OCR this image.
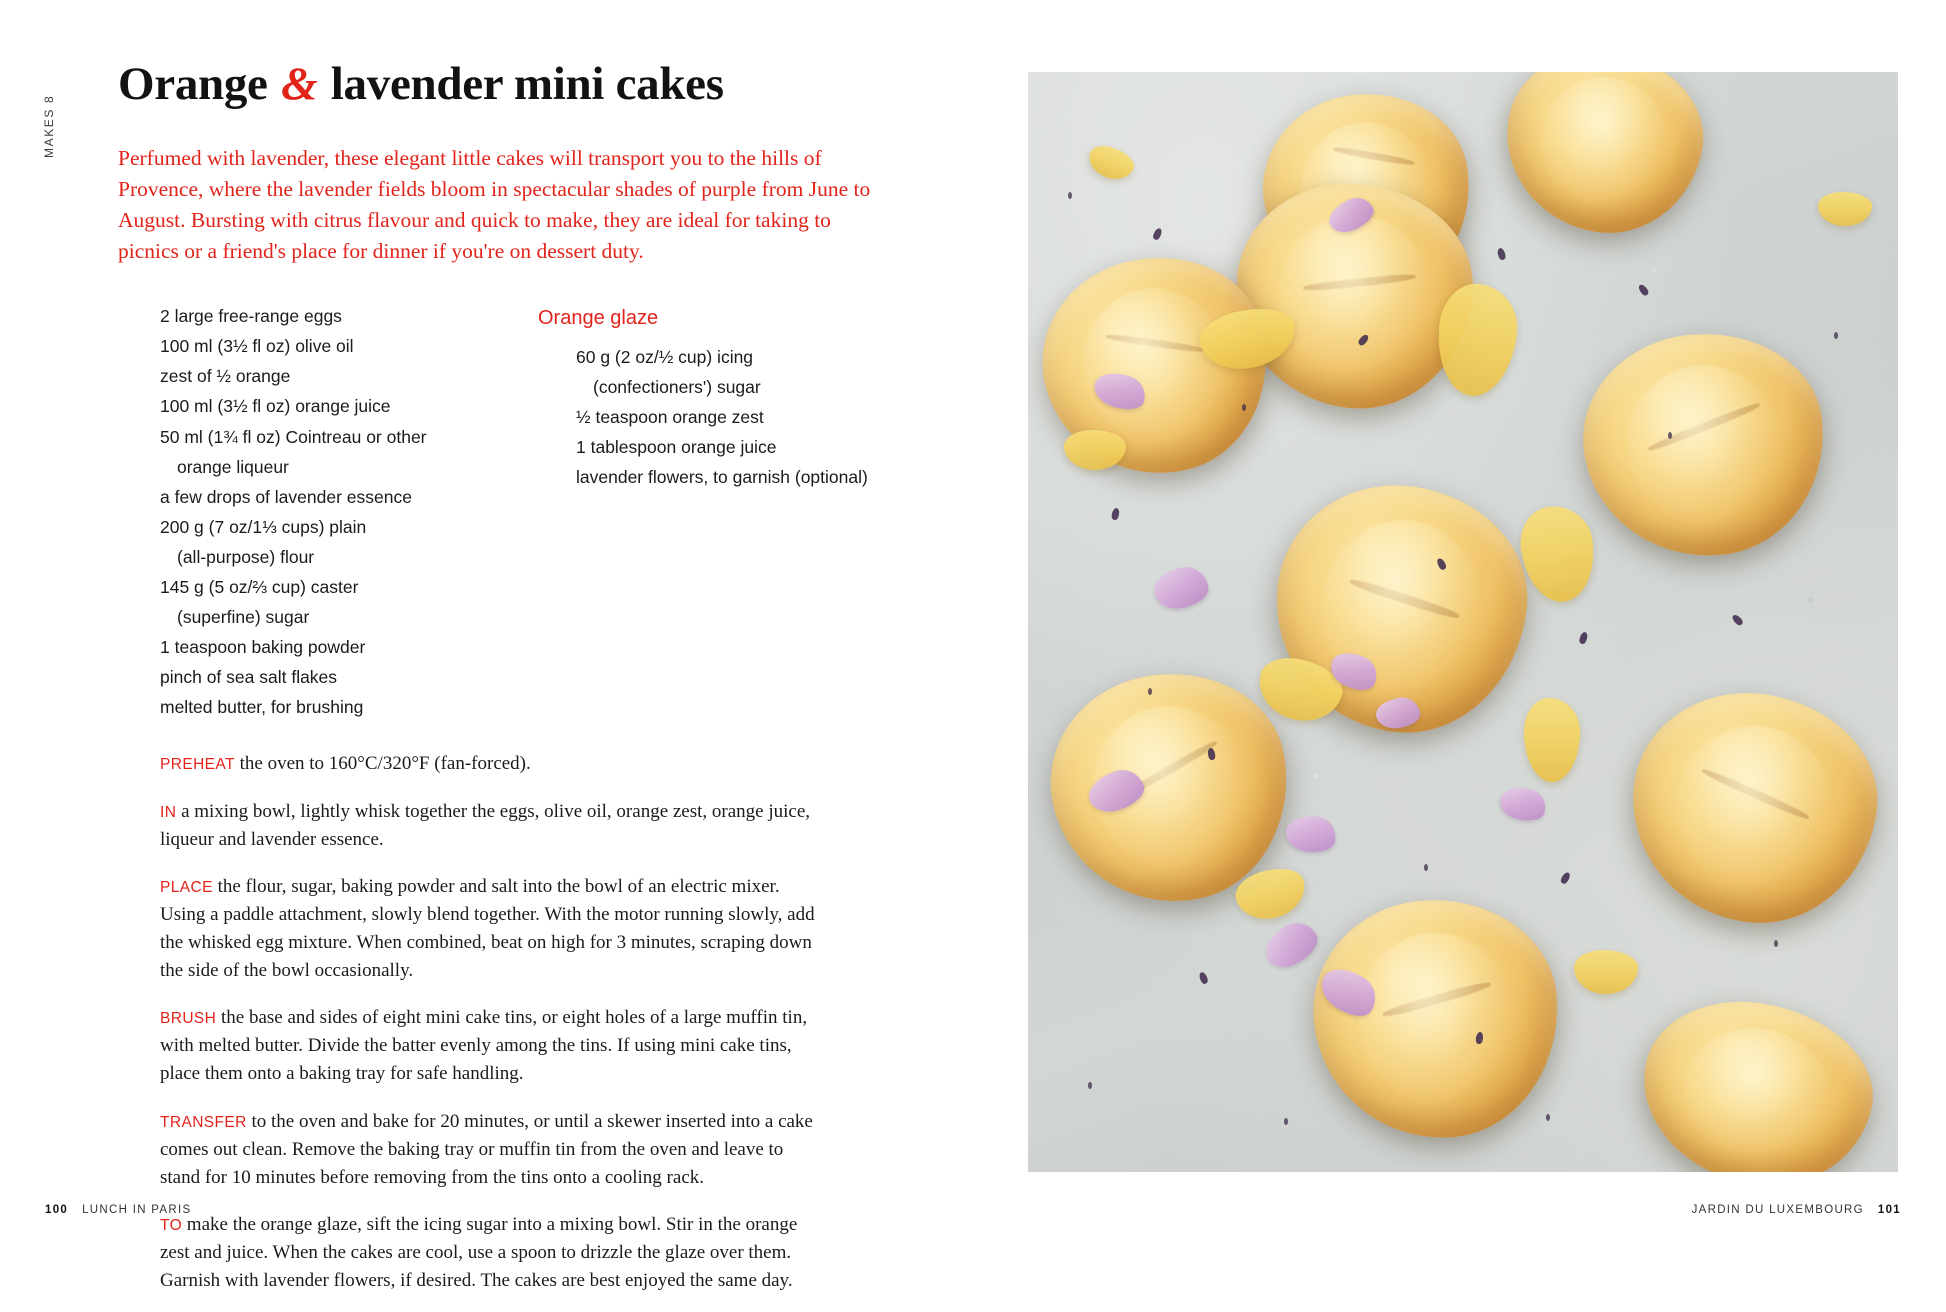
MAKES 8
Orange & lavender mini cakes

Perfumed with lavender, these elegant little cakes will transport you to the hills of Provence, where the lavender fields bloom in spectacular shades of purple from June to August. Bursting with citrus flavour and quick to make, they are ideal for taking to picnics or a friend's place for dinner if you're on dessert duty.

2 large free-range eggs
100 ml (3½ fl oz) olive oil
zest of ½ orange
100 ml (3½ fl oz) orange juice
50 ml (1¾ fl oz) Cointreau or other
orange liqueur
a few drops of lavender essence
200 g (7 oz/1⅓ cups) plain
(all-purpose) flour
145 g (5 oz/⅔ cup) caster
(superfine) sugar
1 teaspoon baking powder
pinch of sea salt flakes
melted butter, for brushing
Orange glaze
60 g (2 oz/½ cup) icing
(confectioners') sugar
½ teaspoon orange zest
1 tablespoon orange juice
lavender flowers, to garnish (optional)

PREHEAT the oven to 160°C/320°F (fan-forced).

IN a mixing bowl, lightly whisk together the eggs, olive oil, orange zest, orange juice, liqueur and lavender essence.

PLACE the flour, sugar, baking powder and salt into the bowl of an electric mixer. Using a paddle attachment, slowly blend together. With the motor running slowly, add the whisked egg mixture. When combined, beat on high for 3 minutes, scraping down the side of the bowl occasionally.

BRUSH the base and sides of eight mini cake tins, or eight holes of a large muffin tin, with melted butter. Divide the batter evenly among the tins. If using mini cake tins, place them onto a baking tray for safe handling.

TRANSFER to the oven and bake for 20 minutes, or until a skewer inserted into a cake comes out clean. Remove the baking tray or muffin tin from the oven and leave to stand for 10 minutes before removing from the tins onto a cooling rack.

TO make the orange glaze, sift the icing sugar into a mixing bowl. Stir in the orange zest and juice. When the cakes are cool, use a spoon to drizzle the glaze over them. Garnish with lavender flowers, if desired. The cakes are best enjoyed the same day.

100 LUNCH IN PARIS	JARDIN DU LUXEMBOURG 101
